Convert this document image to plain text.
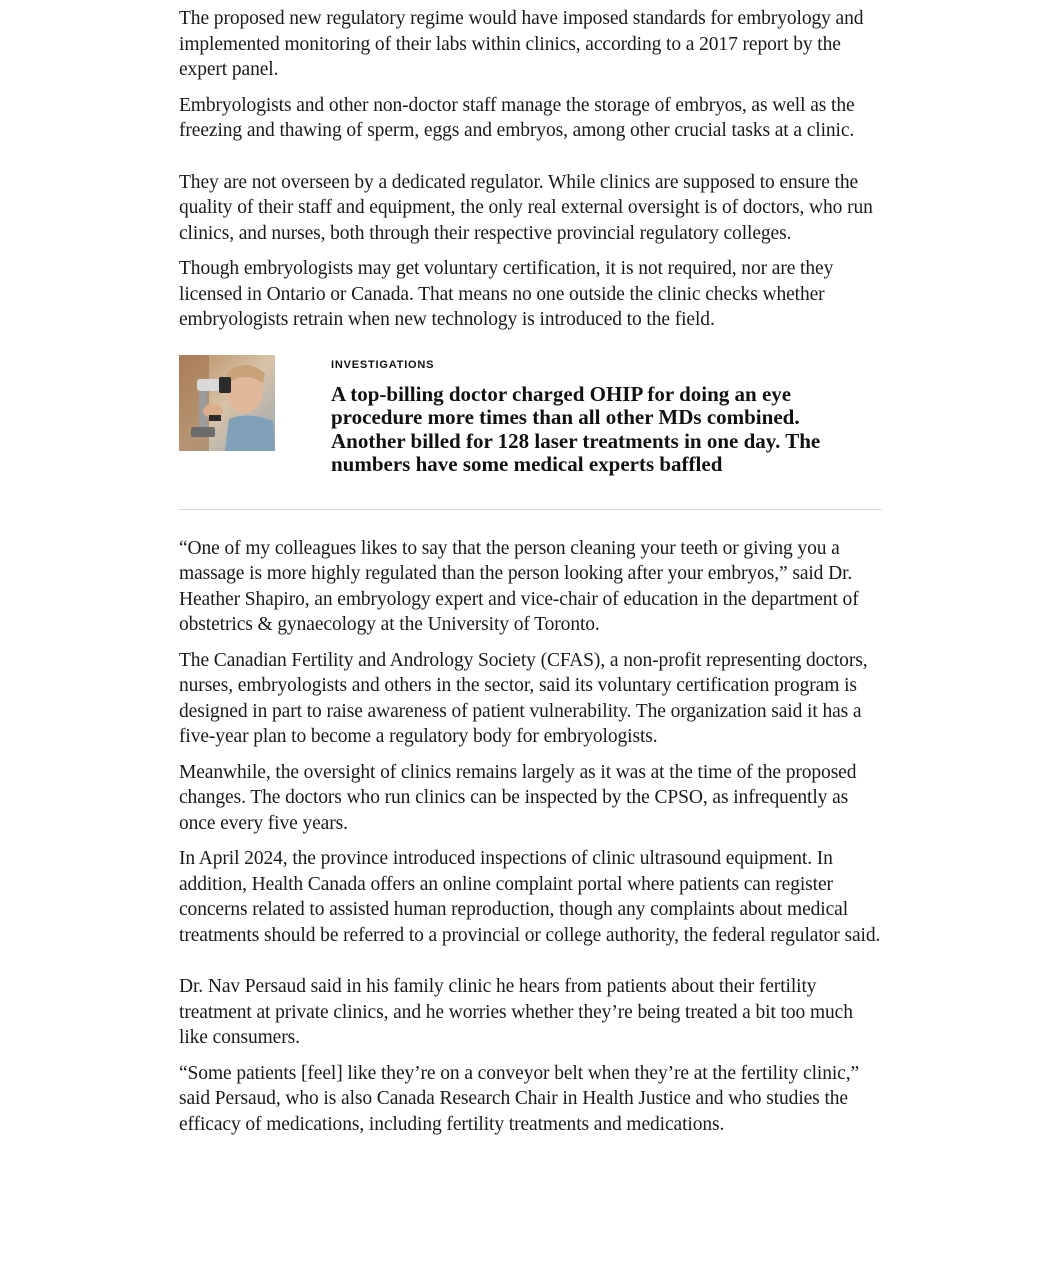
The proposed new regulatory regime would have imposed standards for embryology and implemented monitoring of their labs within clinics, according to a 2017 report by the expert panel.

Embryologists and other non-doctor staff manage the storage of embryos, as well as the freezing and thawing of sperm, eggs and embryos, among other crucial tasks at a clinic.

They are not overseen by a dedicated regulator. While clinics are supposed to ensure the quality of their staff and equipment, the only real external oversight is of doctors, who run clinics, and nurses, both through their respective provincial regulatory colleges.

Though embryologists may get voluntary certification, it is not required, nor are they licensed in Ontario or Canada. That means no one outside the clinic checks whether embryologists retrain when new technology is introduced to the field.

INVESTIGATIONS

A top-billing doctor charged OHIP for doing an eye procedure more times than all other MDs combined. Another billed for 128 laser treatments in one day. The numbers have some medical experts baffled

“One of my colleagues likes to say that the person cleaning your teeth or giving you a massage is more highly regulated than the person looking after your embryos,” said Dr. Heather Shapiro, an embryology expert and vice-chair of education in the department of obstetrics & gynaecology at the University of Toronto.

The Canadian Fertility and Andrology Society (CFAS), a non-profit representing doctors, nurses, embryologists and others in the sector, said its voluntary certification program is designed in part to raise awareness of patient vulnerability. The organization said it has a five-year plan to become a regulatory body for embryologists.

Meanwhile, the oversight of clinics remains largely as it was at the time of the proposed changes. The doctors who run clinics can be inspected by the CPSO, as infrequently as once every five years.

In April 2024, the province introduced inspections of clinic ultrasound equipment. In addition, Health Canada offers an online complaint portal where patients can register concerns related to assisted human reproduction, though any complaints about medical treatments should be referred to a provincial or college authority, the federal regulator said.

Dr. Nav Persaud said in his family clinic he hears from patients about their fertility treatment at private clinics, and he worries whether they’re being treated a bit too much like consumers.

“Some patients [feel] like they’re on a conveyor belt when they’re at the fertility clinic,” said Persaud, who is also Canada Research Chair in Health Justice and who studies the efficacy of medications, including fertility treatments and medications.
